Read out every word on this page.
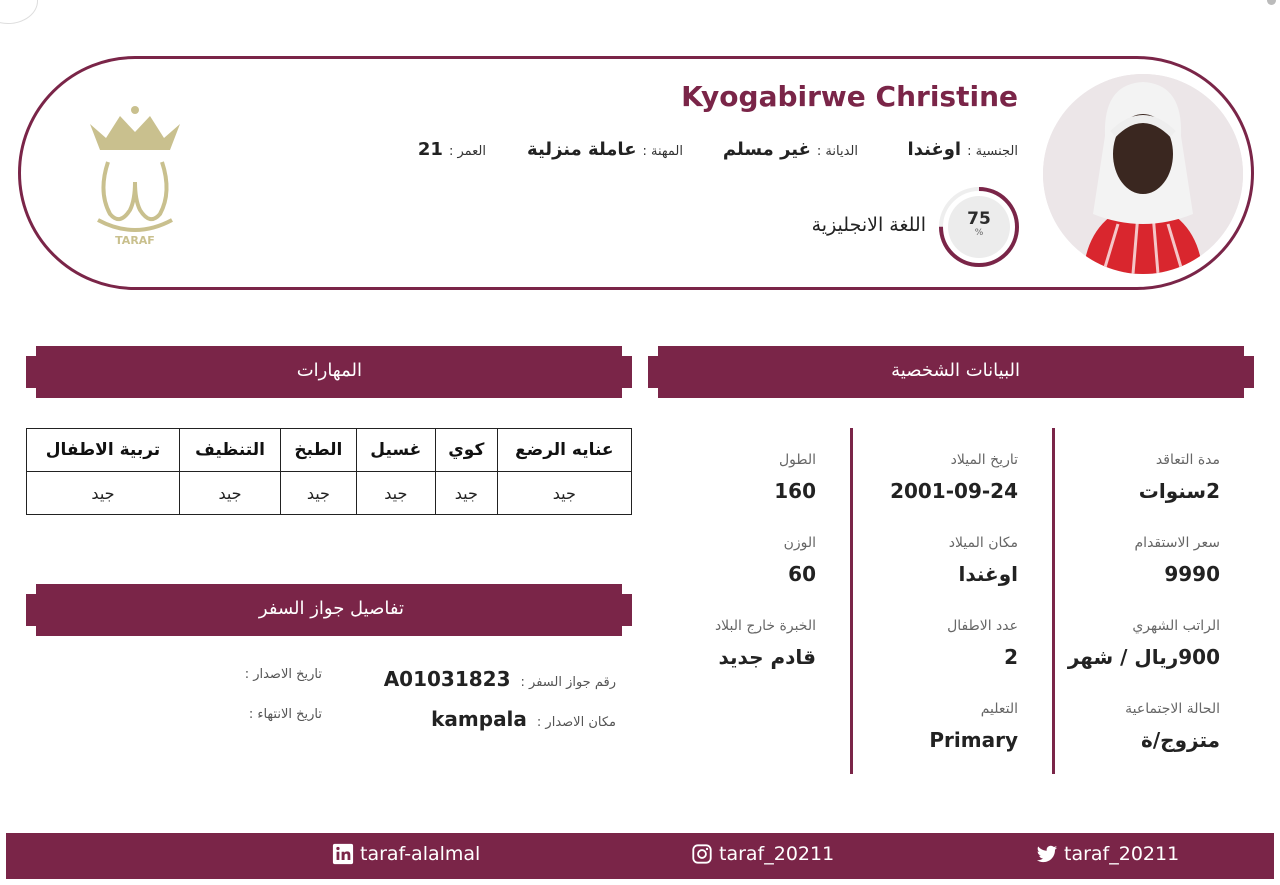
Kyogabirwe Christine
الجنسية :
اوغندا
الديانة :
غير مسلم
المهنة :
عاملة منزلية
العمر :
21
75
%
اللغة الانجليزية
TARAF
البيانات الشخصية
المهارات
تفاصيل جواز السفر
مدة التعاقد
2سنوات
سعر الاستقدام
9990
الراتب الشهري
900ريال / شهر
الحالة الاجتماعية
متزوج/ة
تاريخ الميلاد
2001-09-24
مكان الميلاد
اوغندا
عدد الاطفال
2
التعليم
Primary
الطول
160
الوزن
60
الخبرة خارج البلاد
قادم جديد
عنايه الرضع	كوي	غسيل	الطبخ	التنظيف	تربية الاطفال
جيد	جيد	جيد	جيد	جيد	جيد
رقم جواز السفر :
A01031823
مكان الاصدار :
kampala
تاريخ الاصدار :
تاريخ الانتهاء :
taraf_20211
taraf_20211
taraf-alalmal
